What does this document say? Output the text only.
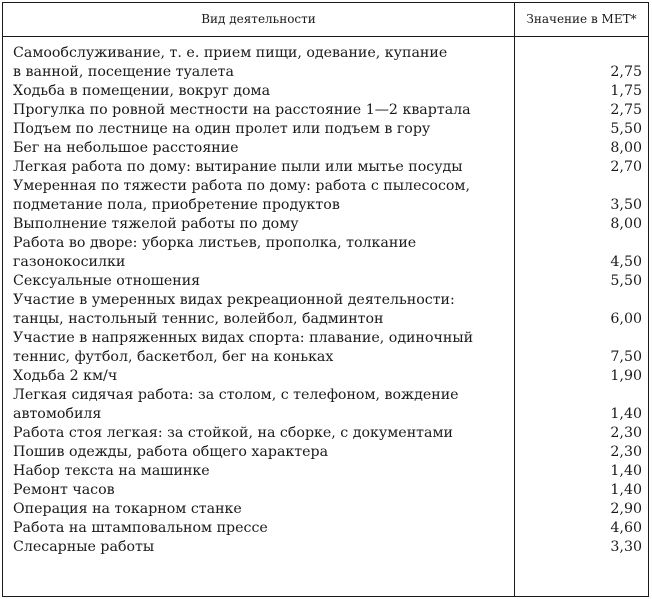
Вид деятельности	Значение в МЕТ*
Самообслуживание, т. е. прием пищи, одевание, купание
в ванной, посещение туалета	2,75
Ходьба в помещении, вокруг дома	1,75
Прогулка по ровной местности на расстояние 1—2 квартала	2,75
Подъем по лестнице на один пролет или подъем в гору	5,50
Бег на небольшое расстояние	8,00
Легкая работа по дому: вытирание пыли или мытье посуды	2,70
Умеренная по тяжести работа по дому: работа с пылесосом,
подметание пола, приобретение продуктов	3,50
Выполнение тяжелой работы по дому	8,00
Работа во дворе: уборка листьев, прополка, толкание
газонокосилки	4,50
Сексуальные отношения	5,50
Участие в умеренных видах рекреационной деятельности:
танцы, настольный теннис, волейбол, бадминтон	6,00
Участие в напряженных видах спорта: плавание, одиночный
теннис, футбол, баскетбол, бег на коньках	7,50
Ходьба 2 км/ч	1,90
Легкая сидячая работа: за столом, с телефоном, вождение
автомобиля	1,40
Работа стоя легкая: за стойкой, на сборке, с документами	2,30
Пошив одежды, работа общего характера	2,30
Набор текста на машинке	1,40
Ремонт часов	1,40
Операция на токарном станке	2,90
Работа на штамповальном прессе	4,60
Слесарные работы	3,30
